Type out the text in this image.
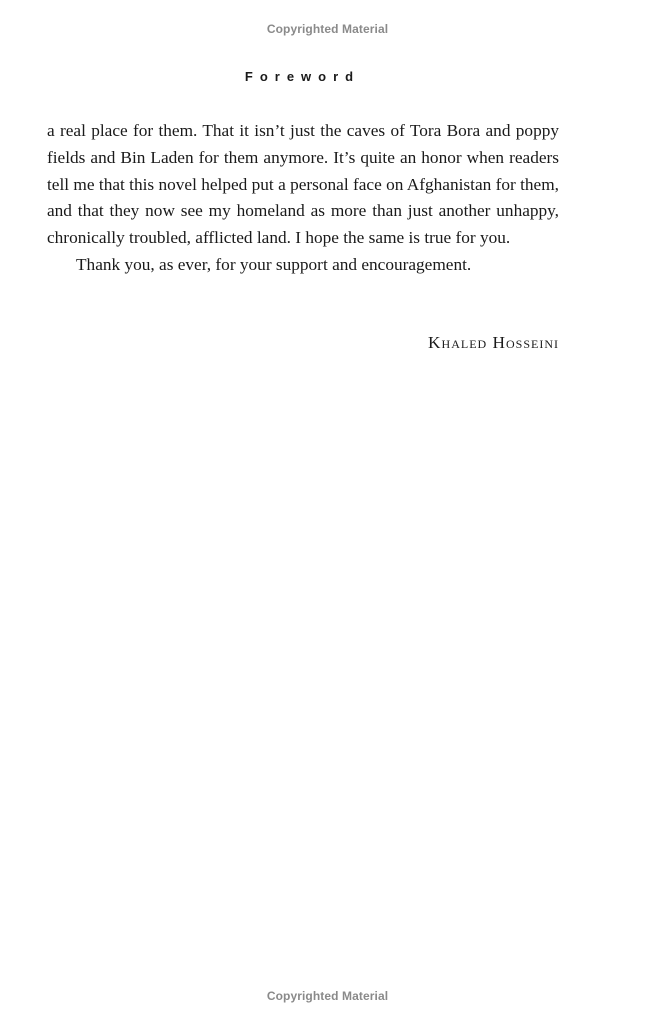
Copyrighted Material
Foreword

a real place for them. That it isn’t just the caves of Tora Bora and poppy fields and Bin Laden for them anymore. It’s quite an honor when readers tell me that this novel helped put a personal face on Afghanistan for them, and that they now see my homeland as more than just another unhappy, chronically troubled, afflicted land. I hope the same is true for you.

Thank you, as ever, for your support and encouragement.

Khaled Hosseini
Copyrighted Material
